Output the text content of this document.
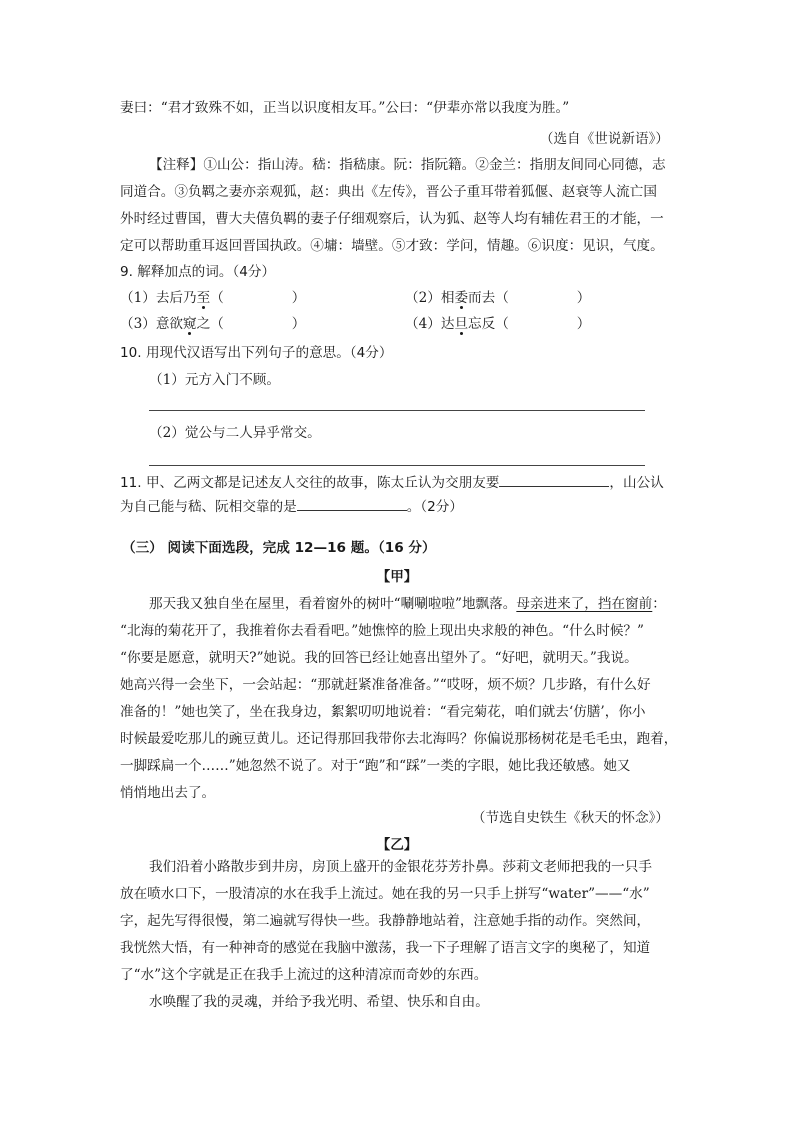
妻曰：“君才致殊不如，正当以识度相友耳。”公曰：“伊辈亦常以我度为胜。”
（选自《世说新语》）
【注释】①山公：指山涛。嵇：指嵇康。阮：指阮籍。②金兰：指朋友间同心同德，志
同道合。③负羁之妻亦亲观狐，赵：典出《左传》，晋公子重耳带着狐偃、赵衰等人流亡国
外时经过曹国，曹大夫僖负羁的妻子仔细观察后，认为狐、赵等人均有辅佐君王的才能，一
定可以帮助重耳返回晋国执政。④墉：墙壁。⑤才致：学问，情趣。⑥识度：见识，气度。
9. 解释加点的词。（4分）
（1）去后乃至（　　　　　）	（2）相委而去（　　　　　）
（3）意欲窥之（　　　　　）	（4）达旦忘反（　　　　　）
10. 用现代汉语写出下列句子的意思。（4分）
（1）元方入门不顾。
（2）觉公与二人异乎常交。
11. 甲、乙两文都是记述友人交往的故事，陈太丘认为交朋友要	，山公认
为自己能与嵇、阮相交靠的是	。（2分）
（三） 阅读下面选段，完成 12—16 题。（16 分）
【甲】
那天我又独自坐在屋里，看着窗外的树叶“唰唰啦啦”地飘落。母亲进来了，挡在窗前：
“北海的菊花开了，我推着你去看看吧。”她憔悴的脸上现出央求般的神色。“什么时候？”
“你要是愿意，就明天?”她说。我的回答已经让她喜出望外了。“好吧，就明天。”我说。
她高兴得一会坐下，一会站起：“那就赶紧准备准备。”“哎呀，烦不烦？几步路，有什么好
准备的！”她也笑了，坐在我身边，絮絮叨叨地说着：“看完菊花，咱们就去‘仿膳’，你小
时候最爱吃那儿的豌豆黄儿。还记得那回我带你去北海吗？你偏说那杨树花是毛毛虫，跑着，
一脚踩扁一个……”她忽然不说了。对于“跑”和“踩”一类的字眼，她比我还敏感。她又
悄悄地出去了。
（节选自史铁生《秋天的怀念》）
【乙】
我们沿着小路散步到井房，房顶上盛开的金银花芬芳扑鼻。莎莉文老师把我的一只手
放在喷水口下，一股清凉的水在我手上流过。她在我的另一只手上拼写“water”——“水”
字，起先写得很慢，第二遍就写得快一些。我静静地站着，注意她手指的动作。突然间，
我恍然大悟，有一种神奇的感觉在我脑中激荡，我一下子理解了语言文字的奥秘了，知道
了“水”这个字就是正在我手上流过的这种清凉而奇妙的东西。
水唤醒了我的灵魂，并给予我光明、希望、快乐和自由。
